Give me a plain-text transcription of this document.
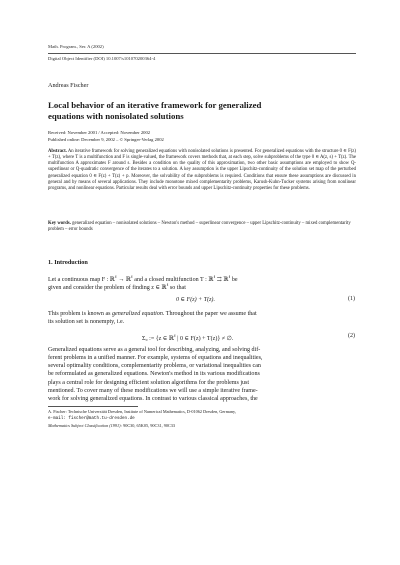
Math. Program., Ser. A (2002)
Digital Object Identifier (DOI) 10.1007/s101070200364-4
Andreas Fischer
Local behavior of an iterative framework for generalized
equations with nonisolated solutions
Received: November 2001 / Accepted: November 2002
Published online: December 9, 2002 – © Springer-Verlag 2002
Abstract. An iterative framework for solving generalized equations with nonisolated solutions is presented. For generalized equations with the structure 0 ∈ F(z) + T(z), where T is a multifunction and F is single-valued, the framework covers methods that, at each step, solve subproblems of the type 0 ∈ A(z, s) + T(z). The multifunction A approximates F around s. Besides a condition on the quality of this approximation, two other basic assumptions are employed to show Q-superlinear or Q-quadratic convergence of the iterates to a solution. A key assumption is the upper Lipschitz-continuity of the solution set map of the perturbed generalized equation 0 ∈ F(z) + T(z) + p. Moreover, the solvability of the subproblems is required. Conditions that ensure these assumptions are discussed in general and by means of several applications. They include monotone mixed complementarity problems, Karush-Kuhn-Tucker systems arising from nonlinear programs, and nonlinear equations. Particular results deal with error bounds and upper Lipschitz-continuity properties for these problems.
Key words. generalized equation – nonisolated solutions – Newton's method – superlinear convergence – upper Lipschitz-continuity – mixed complementarity problem – error bounds
1. Introduction
Let a continuous map F : ℝ$^\ell$ → ℝ$^\ell$ and a closed multifunction T : ℝ$^\ell$ ⇉ ℝ$^\ell$ be
given and consider the problem of finding z ∈ ℝ$^\ell$ so that
0 ∈ F(z) + T(z).	(1)
This problem is known as generalized equation. Throughout the paper we assume that
its solution set is nonempty, i.e.
Σ₀ := {z ∈ ℝ$^\ell$ | 0 ∈ F(z) + T(z)} ≠ ∅.
(2)

Generalized equations serve as a general tool for describing, analyzing, and solving dif-

ferent problems in a unified manner. For example, systems of equations and inequalities,

several optimality conditions, complementarity problems, or variational inequalities can

be reformulated as generalized equations. Newton's method in its various modifications

plays a central role for designing efficient solution algorithms for the problems just

mentioned. To cover many of these modifications we will use a simple iterative frame-

work for solving generalized equations. In contrast to various classical approaches, the

A. Fischer: Technische Universität Dresden, Institute of Numerical Mathematics, D-01062 Dresden, Germany,
e-mail: fischer@math.tu-dresden.de
Mathematics Subject Classification (1991): 90C30, 65K05, 90C31, 90C33
